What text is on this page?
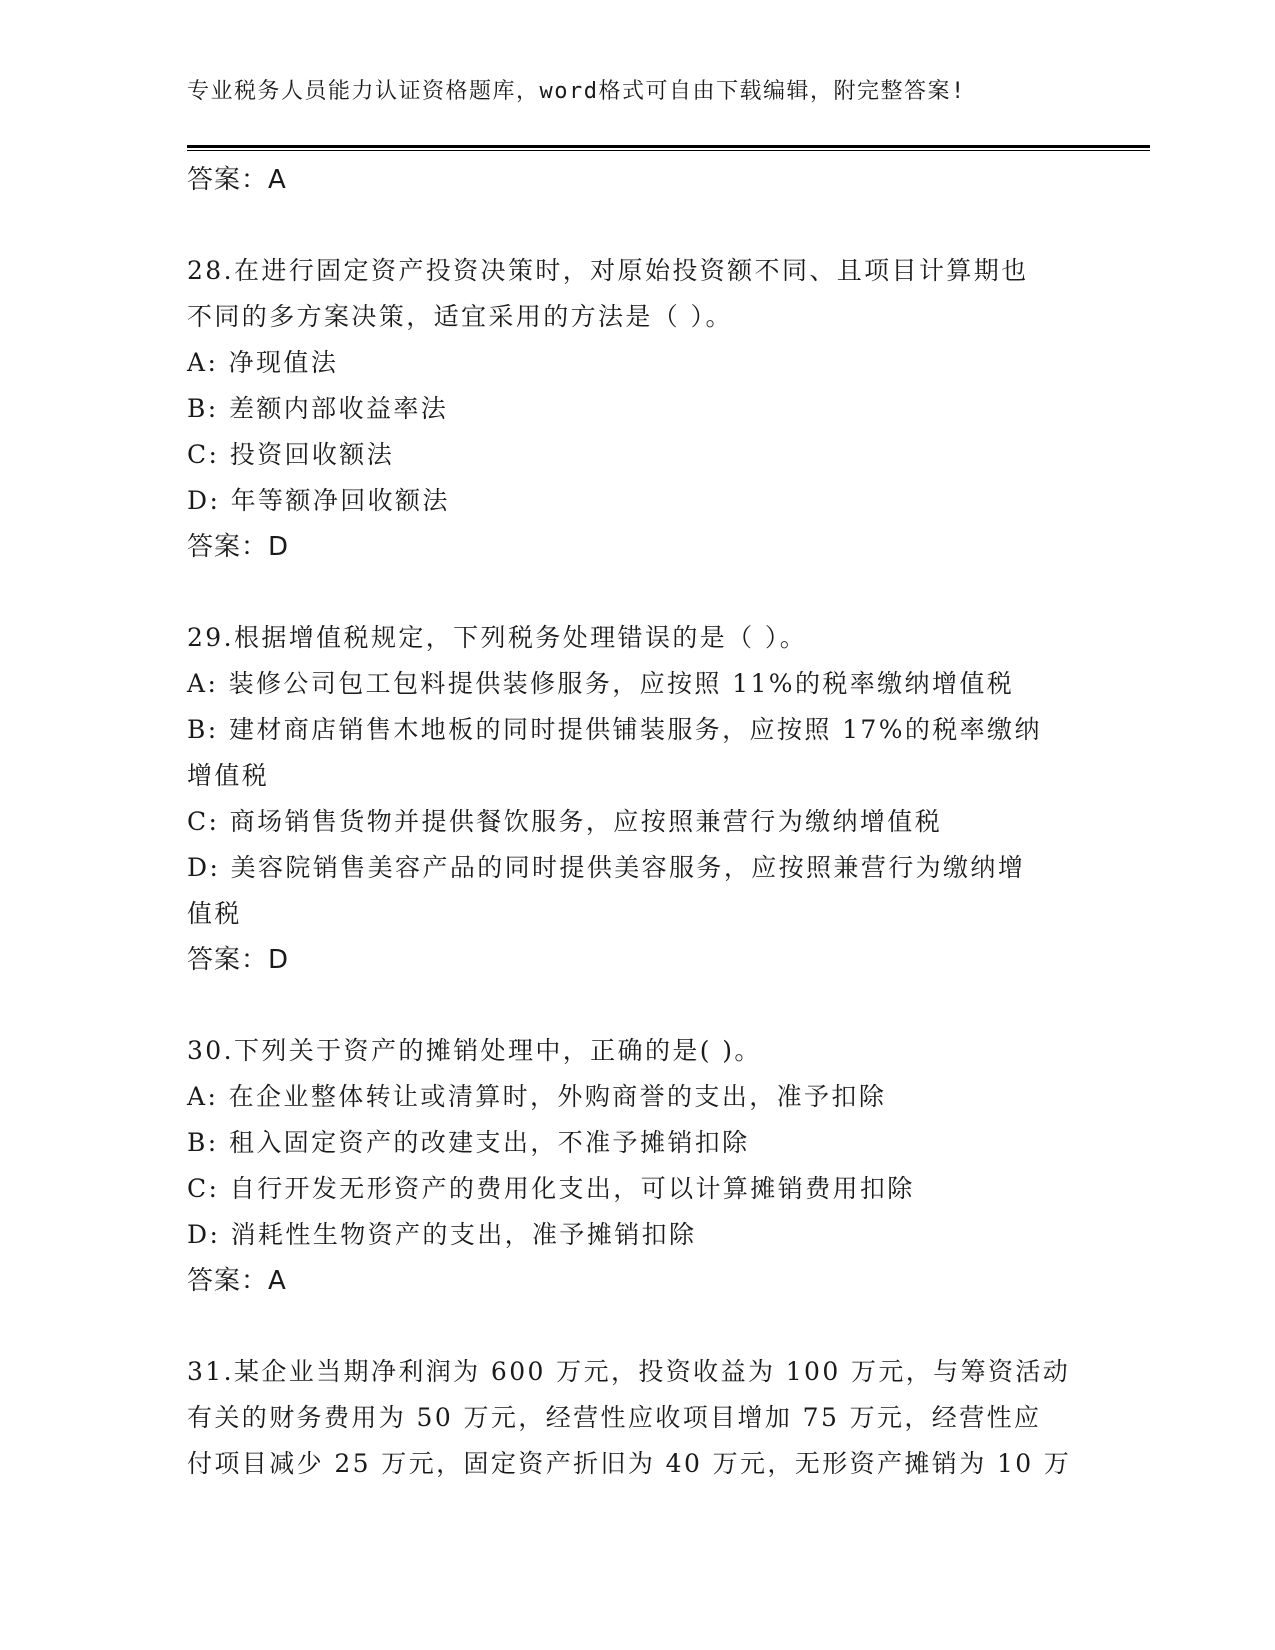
专业税务人员能力认证资格题库，word格式可自由下载编辑，附完整答案!
答案：A
28.在进行固定资产投资决策时，对原始投资额不同、且项目计算期也
不同的多方案决策，适宜采用的方法是（ ）。
A: 净现值法
B: 差额内部收益率法
C: 投资回收额法
D: 年等额净回收额法
答案：D
29.根据增值税规定，下列税务处理错误的是（ ）。
A: 装修公司包工包料提供装修服务，应按照 11%的税率缴纳增值税
B: 建材商店销售木地板的同时提供铺装服务，应按照 17%的税率缴纳
增值税
C: 商场销售货物并提供餐饮服务，应按照兼营行为缴纳增值税
D: 美容院销售美容产品的同时提供美容服务，应按照兼营行为缴纳增
值税
答案：D
30.下列关于资产的摊销处理中，正确的是( )。
A: 在企业整体转让或清算时，外购商誉的支出，准予扣除
B: 租入固定资产的改建支出，不准予摊销扣除
C: 自行开发无形资产的费用化支出，可以计算摊销费用扣除
D: 消耗性生物资产的支出，准予摊销扣除
答案：A
31.某企业当期净利润为 600 万元，投资收益为 100 万元，与筹资活动
有关的财务费用为 50 万元，经营性应收项目增加 75 万元，经营性应
付项目减少 25 万元，固定资产折旧为 40 万元，无形资产摊销为 10 万
